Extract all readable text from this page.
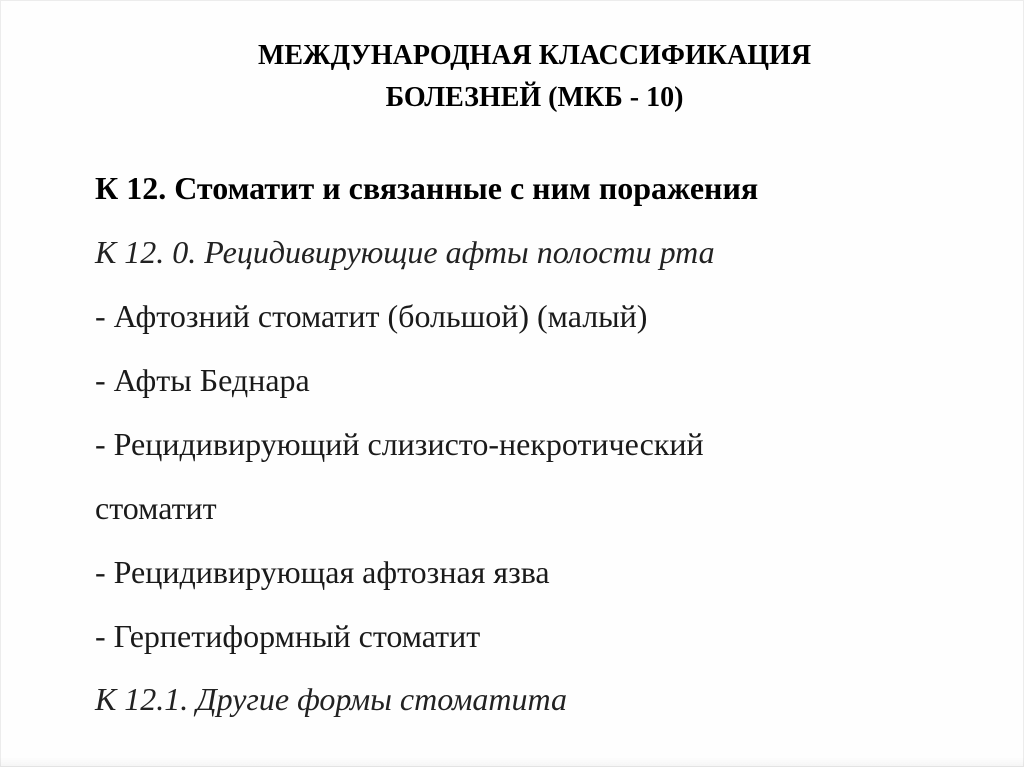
МЕЖДУНАРОДНАЯ КЛАССИФИКАЦИЯ
БОЛЕЗНЕЙ (МКБ - 10)
К 12. Стоматит и связанные с ним поражения
К 12. 0. Рецидивирующие афты полости рта
- Афтозний стоматит (большой) (малый)
- Афты Беднара
- Рецидивирующий слизисто-некротический
стоматит
- Рецидивирующая афтозная язва
- Герпетиформный стоматит
К 12.1. Другие формы стоматита
